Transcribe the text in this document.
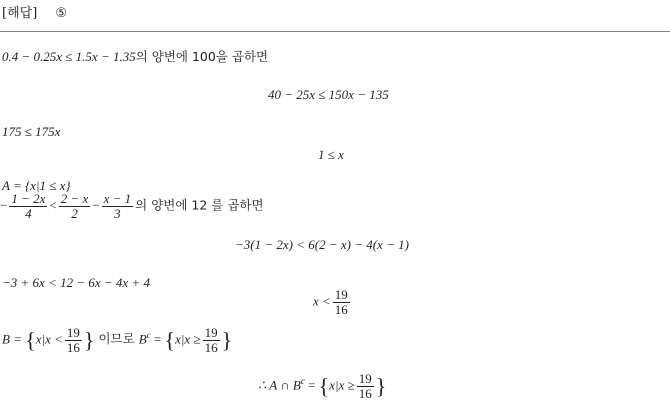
[해답] ⑤
0.4 − 0.25x ≤ 1.5x − 1.35의 양변에 100을 곱하면
40 − 25x ≤ 150x − 135
175 ≤ 175x
1 ≤ x
A = {x|1 ≤ x}
− $\frac{1 - 2x}{4} < \frac{2 - x}{2} - \frac{x - 1}{3}$ 의 양변에 12 를 곱하면
−3(1 − 2x) < 6(2 − x) − 4(x − 1)
−3 + 6x < 12 − 6x − 4x + 4
$x < \frac{19}{16}$
$B = \{x|x < \frac{19}{16}$ } 이므로 $B^c = \{x|x \ge \frac{19}{16}$ }
∴ A ∩ $B^c = \{x|x \ge \frac{19}{16}$ }
